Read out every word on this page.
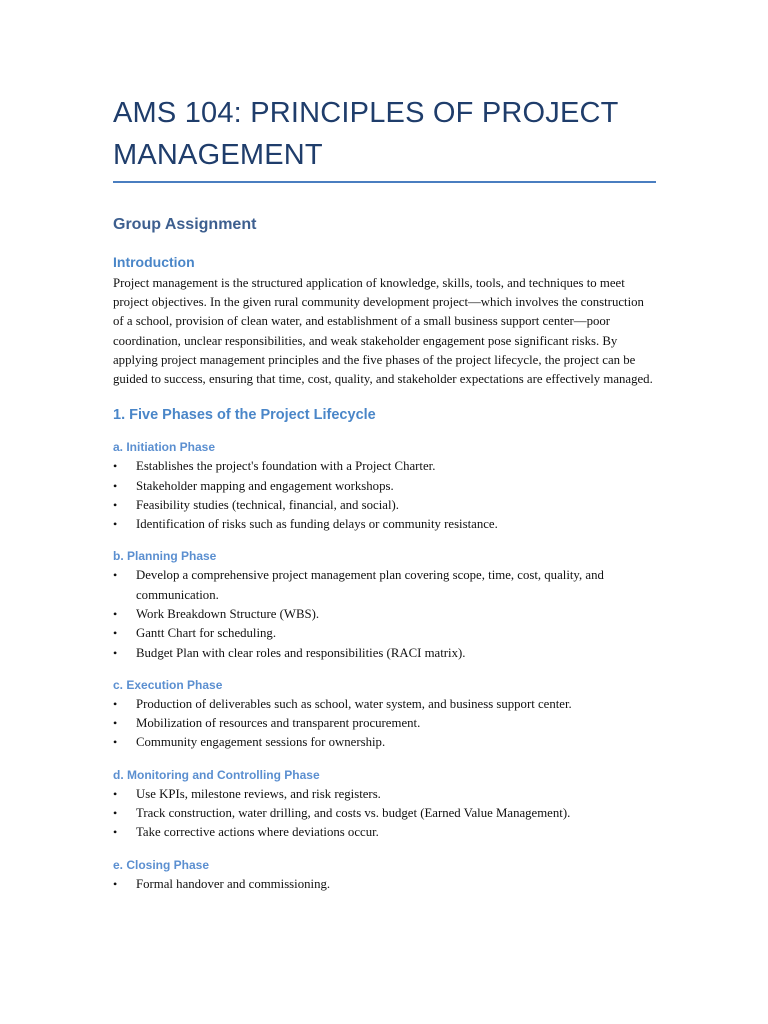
AMS 104: PRINCIPLES OF PROJECT MANAGEMENT
Group Assignment
Introduction

Project management is the structured application of knowledge, skills, tools, and techniques to meet project objectives. In the given rural community development project—which involves the construction of a school, provision of clean water, and establishment of a small business support center—poor coordination, unclear responsibilities, and weak stakeholder engagement pose significant risks. By applying project management principles and the five phases of the project lifecycle, the project can be guided to success, ensuring that time, cost, quality, and stakeholder expectations are effectively managed.

1. Five Phases of the Project Lifecycle
a. Initiation Phase
• Establishes the project's foundation with a Project Charter.
• Stakeholder mapping and engagement workshops.
• Feasibility studies (technical, financial, and social).
• Identification of risks such as funding delays or community resistance.
b. Planning Phase
• Develop a comprehensive project management plan covering scope, time, cost, quality, and communication.
• Work Breakdown Structure (WBS).
• Gantt Chart for scheduling.
• Budget Plan with clear roles and responsibilities (RACI matrix).
c. Execution Phase
• Production of deliverables such as school, water system, and business support center.
• Mobilization of resources and transparent procurement.
• Community engagement sessions for ownership.
d. Monitoring and Controlling Phase
• Use KPIs, milestone reviews, and risk registers.
• Track construction, water drilling, and costs vs. budget (Earned Value Management).
• Take corrective actions where deviations occur.
e. Closing Phase
• Formal handover and commissioning.
